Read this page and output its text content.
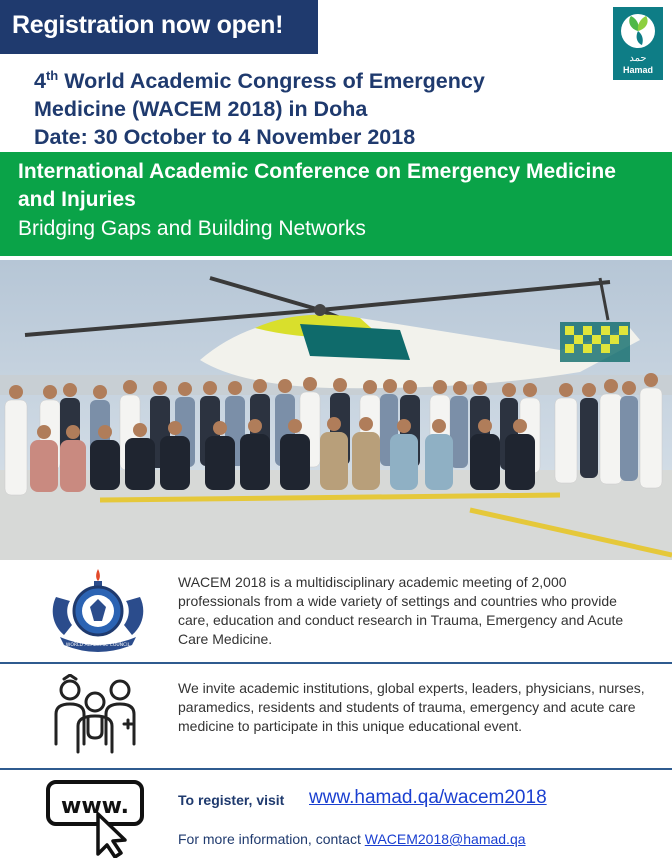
Registration now open!
حمد
Hamad
4th World Academic Congress of Emergency
Medicine (WACEM 2018) in Doha
Date: 30 October to 4 November 2018
International Academic Conference on Emergency Medicine and Injuries
Bridging Gaps and Building Networks
WORLD ACADEMIC COUNCIL

WACEM 2018 is a multidisciplinary academic meeting of 2,000 professionals from a wide variety of settings and countries who provide care, education and conduct research in Trauma, Emergency and Acute Care Medicine.

We invite academic institutions, global experts, leaders, physicians, nurses, paramedics, residents and students of trauma, emergency and acute care medicine to participate in this unique educational event.

www.	To register, visit www.hamad.qa/wacem2018
For more information, contact WACEM2018@hamad.qa
